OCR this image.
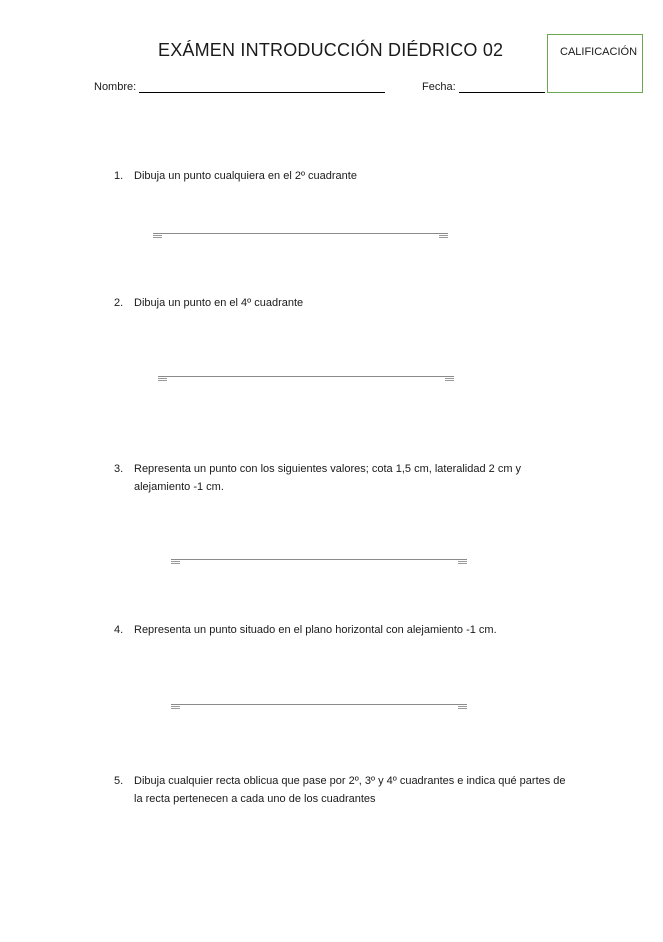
EXÁMEN INTRODUCCIÓN DIÉDRICO 02	CALIFICACIÓN
Nombre:	Fecha:
1. Dibuja un punto cualquiera en el 2º cuadrante
2. Dibuja un punto en el 4º cuadrante
3. Representa un punto con los siguientes valores; cota 1,5 cm, lateralidad 2 cm y alejamiento -1 cm.
4. Representa un punto situado en el plano horizontal con alejamiento -1 cm.
5. Dibuja cualquier recta oblicua que pase por 2º, 3º y 4º cuadrantes e indica qué partes de la recta pertenecen a cada uno de los cuadrantes
